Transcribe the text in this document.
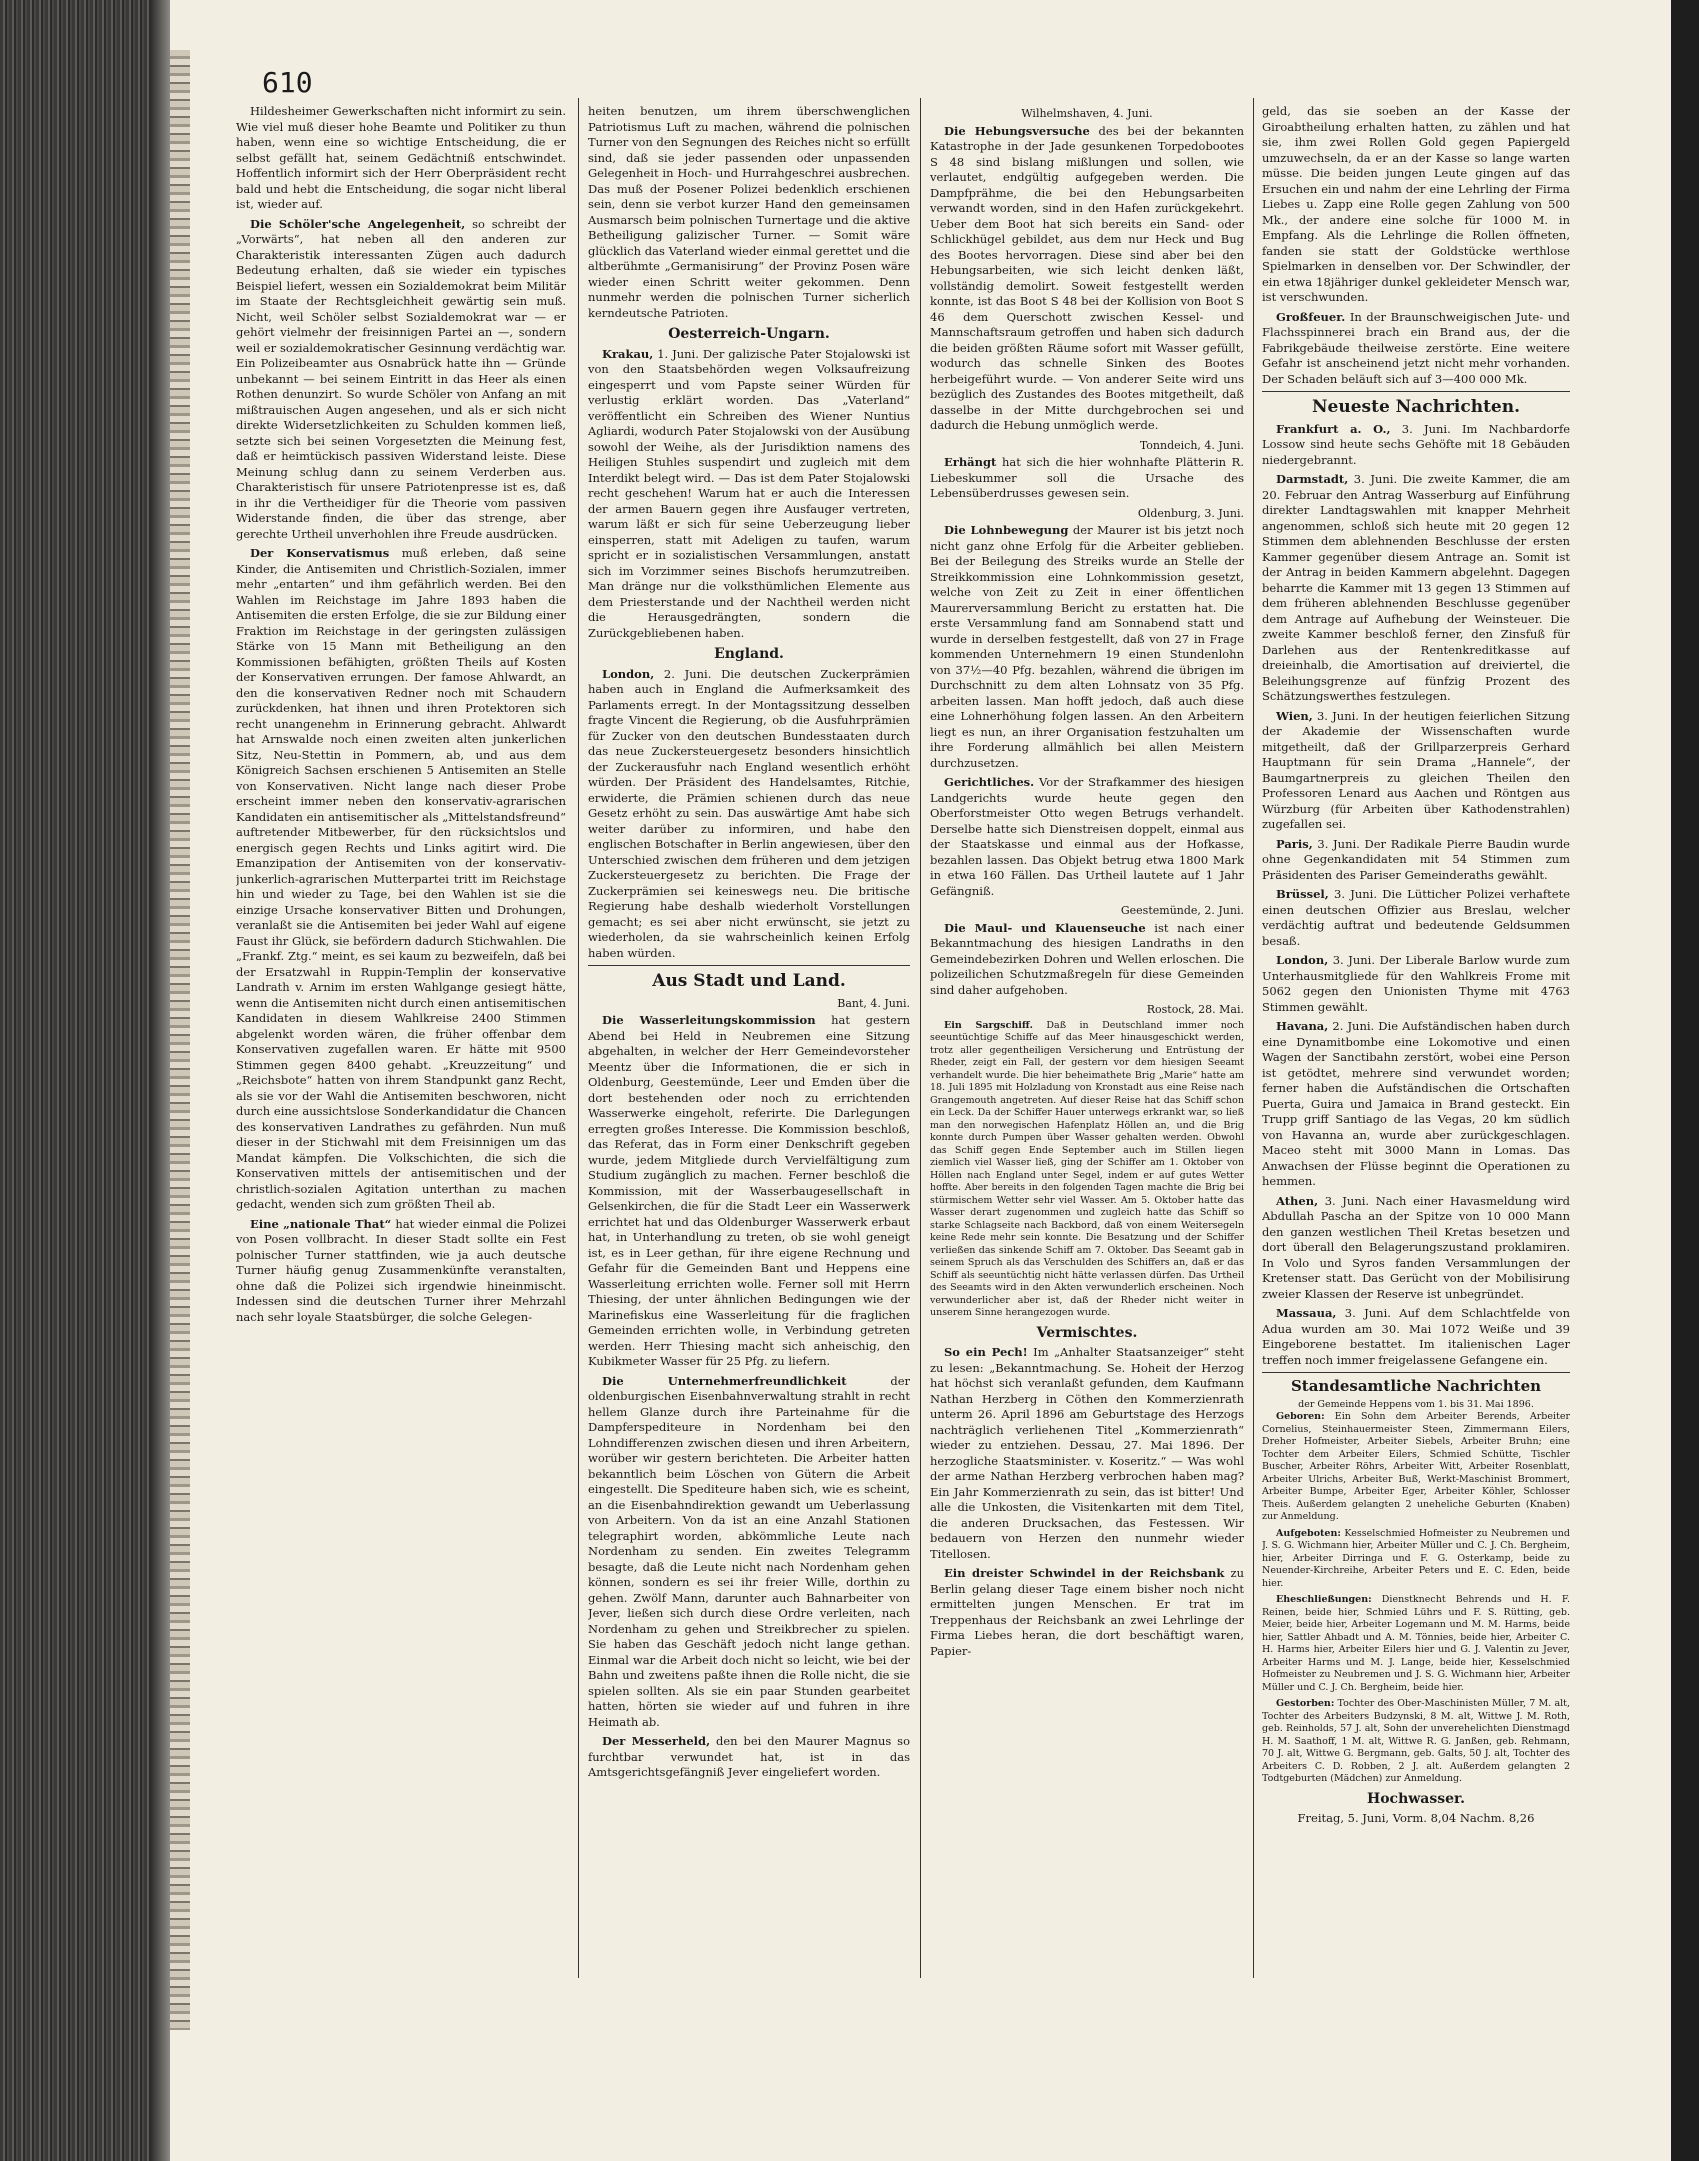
610

Hildesheimer Gewerkschaften nicht informirt zu sein. Wie viel muß dieser hohe Beamte und Politiker zu thun haben, wenn eine so wichtige Entscheidung, die er selbst gefällt hat, seinem Gedächtniß entschwindet. Hoffentlich informirt sich der Herr Oberpräsident recht bald und hebt die Entscheidung, die sogar nicht liberal ist, wieder auf.

Die Schöler'sche Angelegenheit, so schreibt der „Vorwärts“, hat neben all den anderen zur Charakteristik interessanten Zügen auch dadurch Bedeutung erhalten, daß sie wieder ein typisches Beispiel liefert, wessen ein Sozialdemokrat beim Militär im Staate der Rechtsgleichheit gewärtig sein muß. Nicht, weil Schöler selbst Sozialdemokrat war — er gehört vielmehr der freisinnigen Partei an —, sondern weil er sozialdemokratischer Gesinnung verdächtig war. Ein Polizeibeamter aus Osnabrück hatte ihn — Gründe unbekannt — bei seinem Eintritt in das Heer als einen Rothen denunzirt. So wurde Schöler von Anfang an mit mißtrauischen Augen angesehen, und als er sich nicht direkte Widersetzlichkeiten zu Schulden kommen ließ, setzte sich bei seinen Vorgesetzten die Meinung fest, daß er heimtückisch passiven Widerstand leiste. Diese Meinung schlug dann zu seinem Verderben aus. Charakteristisch für unsere Patriotenpresse ist es, daß in ihr die Vertheidiger für die Theorie vom passiven Widerstande finden, die über das strenge, aber gerechte Urtheil unverhohlen ihre Freude ausdrücken.

Der Konservatismus muß erleben, daß seine Kinder, die Antisemiten und Christlich-Sozialen, immer mehr „entarten“ und ihm gefährlich werden. Bei den Wahlen im Reichstage im Jahre 1893 haben die Antisemiten die ersten Erfolge, die sie zur Bildung einer Fraktion im Reichstage in der geringsten zulässigen Stärke von 15 Mann mit Betheiligung an den Kommissionen befähigten, größten Theils auf Kosten der Konservativen errungen. Der famose Ahlwardt, an den die konservativen Redner noch mit Schaudern zurückdenken, hat ihnen und ihren Protektoren sich recht unangenehm in Erinnerung gebracht. Ahlwardt hat Arnswalde noch einen zweiten alten junkerlichen Sitz, Neu-Stettin in Pommern, ab, und aus dem Königreich Sachsen erschienen 5 Antisemiten an Stelle von Konservativen. Nicht lange nach dieser Probe erscheint immer neben den konservativ-agrarischen Kandidaten ein antisemitischer als „Mittelstandsfreund“ auftretender Mitbewerber, für den rücksichtslos und energisch gegen Rechts und Links agitirt wird. Die Emanzipation der Antisemiten von der konservativ-junkerlich-agrarischen Mutterpartei tritt im Reichstage hin und wieder zu Tage, bei den Wahlen ist sie die einzige Ursache konservativer Bitten und Drohungen, veranlaßt sie die Antisemiten bei jeder Wahl auf eigene Faust ihr Glück, sie befördern dadurch Stichwahlen. Die „Frankf. Ztg.“ meint, es sei kaum zu bezweifeln, daß bei der Ersatzwahl in Ruppin-Templin der konservative Landrath v. Arnim im ersten Wahlgange gesiegt hätte, wenn die Antisemiten nicht durch einen antisemitischen Kandidaten in diesem Wahlkreise 2400 Stimmen abgelenkt worden wären, die früher offenbar dem Konservativen zugefallen waren. Er hätte mit 9500 Stimmen gegen 8400 gehabt. „Kreuzzeitung“ und „Reichsbote“ hatten von ihrem Standpunkt ganz Recht, als sie vor der Wahl die Antisemiten beschworen, nicht durch eine aussichtslose Sonderkandidatur die Chancen des konservativen Landrathes zu gefährden. Nun muß dieser in der Stichwahl mit dem Freisinnigen um das Mandat kämpfen. Die Volkschichten, die sich die Konservativen mittels der antisemitischen und der christlich-sozialen Agitation unterthan zu machen gedacht, wenden sich zum größten Theil ab.

Eine „nationale That“ hat wieder einmal die Polizei von Posen vollbracht. In dieser Stadt sollte ein Fest polnischer Turner stattfinden, wie ja auch deutsche Turner häufig genug Zusammenkünfte veranstalten, ohne daß die Polizei sich irgendwie hineinmischt. Indessen sind die deutschen Turner ihrer Mehrzahl nach sehr loyale Staatsbürger, die solche Gelegen-

heiten benutzen, um ihrem überschwenglichen Patriotismus Luft zu machen, während die polnischen Turner von den Segnungen des Reiches nicht so erfüllt sind, daß sie jeder passenden oder unpassenden Gelegenheit in Hoch- und Hurrahgeschrei ausbrechen. Das muß der Posener Polizei bedenklich erschienen sein, denn sie verbot kurzer Hand den gemeinsamen Ausmarsch beim polnischen Turnertage und die aktive Betheiligung galizischer Turner. — Somit wäre glücklich das Vaterland wieder einmal gerettet und die altberühmte „Germanisirung“ der Provinz Posen wäre wieder einen Schritt weiter gekommen. Denn nunmehr werden die polnischen Turner sicherlich kerndeutsche Patrioten.

Oesterreich-Ungarn.

Krakau, 1. Juni. Der galizische Pater Stojalowski ist von den Staatsbehörden wegen Volksaufreizung eingesperrt und vom Papste seiner Würden für verlustig erklärt worden. Das „Vaterland“ veröffentlicht ein Schreiben des Wiener Nuntius Agliardi, wodurch Pater Stojalowski von der Ausübung sowohl der Weihe, als der Jurisdiktion namens des Heiligen Stuhles suspendirt und zugleich mit dem Interdikt belegt wird. — Das ist dem Pater Stojalowski recht geschehen! Warum hat er auch die Interessen der armen Bauern gegen ihre Ausfauger vertreten, warum läßt er sich für seine Ueberzeugung lieber einsperren, statt mit Adeligen zu taufen, warum spricht er in sozialistischen Versammlungen, anstatt sich im Vorzimmer seines Bischofs herumzutreiben. Man dränge nur die volksthümlichen Elemente aus dem Priesterstande und der Nachtheil werden nicht die Herausgedrängten, sondern die Zurückgebliebenen haben.

England.

London, 2. Juni. Die deutschen Zuckerprämien haben auch in England die Aufmerksamkeit des Parlaments erregt. In der Montagssitzung desselben fragte Vincent die Regierung, ob die Ausfuhrprämien für Zucker von den deutschen Bundesstaaten durch das neue Zuckersteuergesetz besonders hinsichtlich der Zuckerausfuhr nach England wesentlich erhöht würden. Der Präsident des Handelsamtes, Ritchie, erwiderte, die Prämien schienen durch das neue Gesetz erhöht zu sein. Das auswärtige Amt habe sich weiter darüber zu informiren, und habe den englischen Botschafter in Berlin angewiesen, über den Unterschied zwischen dem früheren und dem jetzigen Zuckersteuergesetz zu berichten. Die Frage der Zuckerprämien sei keineswegs neu. Die britische Regierung habe deshalb wiederholt Vorstellungen gemacht; es sei aber nicht erwünscht, sie jetzt zu wiederholen, da sie wahrscheinlich keinen Erfolg haben würden.

Aus Stadt und Land.
Bant, 4. Juni.

Die Wasserleitungskommission hat gestern Abend bei Held in Neubremen eine Sitzung abgehalten, in welcher der Herr Gemeindevorsteher Meentz über die Informationen, die er sich in Oldenburg, Geestemünde, Leer und Emden über die dort bestehenden oder noch zu errichtenden Wasserwerke eingeholt, referirte. Die Darlegungen erregten großes Interesse. Die Kommission beschloß, das Referat, das in Form einer Denkschrift gegeben wurde, jedem Mitgliede durch Vervielfältigung zum Studium zugänglich zu machen. Ferner beschloß die Kommission, mit der Wasserbaugesellschaft in Gelsenkirchen, die für die Stadt Leer ein Wasserwerk errichtet hat und das Oldenburger Wasserwerk erbaut hat, in Unterhandlung zu treten, ob sie wohl geneigt ist, es in Leer gethan, für ihre eigene Rechnung und Gefahr für die Gemeinden Bant und Heppens eine Wasserleitung errichten wolle. Ferner soll mit Herrn Thiesing, der unter ähnlichen Bedingungen wie der Marinefiskus eine Wasserleitung für die fraglichen Gemeinden errichten wolle, in Verbindung getreten werden. Herr Thiesing macht sich anheischig, den Kubikmeter Wasser für 25 Pfg. zu liefern.

Die Unternehmerfreundlichkeit der oldenburgischen Eisenbahnverwaltung strahlt in recht hellem Glanze durch ihre Parteinahme für die Dampferspediteure in Nordenham bei den Lohndifferenzen zwischen diesen und ihren Arbeitern, worüber wir gestern berichteten. Die Arbeiter hatten bekanntlich beim Löschen von Gütern die Arbeit eingestellt. Die Spediteure haben sich, wie es scheint, an die Eisenbahndirektion gewandt um Ueberlassung von Arbeitern. Von da ist an eine Anzahl Stationen telegraphirt worden, abkömmliche Leute nach Nordenham zu senden. Ein zweites Telegramm besagte, daß die Leute nicht nach Nordenham gehen können, sondern es sei ihr freier Wille, dorthin zu gehen. Zwölf Mann, darunter auch Bahnarbeiter von Jever, ließen sich durch diese Ordre verleiten, nach Nordenham zu gehen und Streikbrecher zu spielen. Sie haben das Geschäft jedoch nicht lange gethan. Einmal war die Arbeit doch nicht so leicht, wie bei der Bahn und zweitens paßte ihnen die Rolle nicht, die sie spielen sollten. Als sie ein paar Stunden gearbeitet hatten, hörten sie wieder auf und fuhren in ihre Heimath ab.

Der Messerheld, den bei den Maurer Magnus so furchtbar verwundet hat, ist in das Amtsgerichtsgefängniß Jever eingeliefert worden.

Wilhelmshaven, 4. Juni.

Die Hebungsversuche des bei der bekannten Katastrophe in der Jade gesunkenen Torpedobootes S 48 sind bislang mißlungen und sollen, wie verlautet, endgültig aufgegeben werden. Die Dampfprähme, die bei den Hebungsarbeiten verwandt worden, sind in den Hafen zurückgekehrt. Ueber dem Boot hat sich bereits ein Sand- oder Schlickhügel gebildet, aus dem nur Heck und Bug des Bootes hervorragen. Diese sind aber bei den Hebungsarbeiten, wie sich leicht denken läßt, vollständig demolirt. Soweit festgestellt werden konnte, ist das Boot S 48 bei der Kollision von Boot S 46 dem Querschott zwischen Kessel- und Mannschaftsraum getroffen und haben sich dadurch die beiden größten Räume sofort mit Wasser gefüllt, wodurch das schnelle Sinken des Bootes herbeigeführt wurde. — Von anderer Seite wird uns bezüglich des Zustandes des Bootes mitgetheilt, daß dasselbe in der Mitte durchgebrochen sei und dadurch die Hebung unmöglich werde.

Tonndeich, 4. Juni.

Erhängt hat sich die hier wohnhafte Plätterin R. Liebeskummer soll die Ursache des Lebensüberdrusses gewesen sein.

Oldenburg, 3. Juni.

Die Lohnbewegung der Maurer ist bis jetzt noch nicht ganz ohne Erfolg für die Arbeiter geblieben. Bei der Beilegung des Streiks wurde an Stelle der Streikkommission eine Lohnkommission gesetzt, welche von Zeit zu Zeit in einer öffentlichen Maurerversammlung Bericht zu erstatten hat. Die erste Versammlung fand am Sonnabend statt und wurde in derselben festgestellt, daß von 27 in Frage kommenden Unternehmern 19 einen Stundenlohn von 37½—40 Pfg. bezahlen, während die übrigen im Durchschnitt zu dem alten Lohnsatz von 35 Pfg. arbeiten lassen. Man hofft jedoch, daß auch diese eine Lohnerhöhung folgen lassen. An den Arbeitern liegt es nun, an ihrer Organisation festzuhalten um ihre Forderung allmählich bei allen Meistern durchzusetzen.

Gerichtliches. Vor der Strafkammer des hiesigen Landgerichts wurde heute gegen den Oberforstmeister Otto wegen Betrugs verhandelt. Derselbe hatte sich Dienstreisen doppelt, einmal aus der Staatskasse und einmal aus der Hofkasse, bezahlen lassen. Das Objekt betrug etwa 1800 Mark in etwa 160 Fällen. Das Urtheil lautete auf 1 Jahr Gefängniß.

Geestemünde, 2. Juni.

Die Maul- und Klauenseuche ist nach einer Bekanntmachung des hiesigen Landraths in den Gemeindebezirken Dohren und Wellen erloschen. Die polizeilichen Schutzmaßregeln für diese Gemeinden sind daher aufgehoben.

Rostock, 28. Mai.

Ein Sargschiff. Daß in Deutschland immer noch seeuntüchtige Schiffe auf das Meer hinausgeschickt werden, trotz aller gegentheiligen Versicherung und Entrüstung der Rheder, zeigt ein Fall, der gestern vor dem hiesigen Seeamt verhandelt wurde. Die hier beheimathete Brig „Marie“ hatte am 18. Juli 1895 mit Holzladung von Kronstadt aus eine Reise nach Grangemouth angetreten. Auf dieser Reise hat das Schiff schon ein Leck. Da der Schiffer Hauer unterwegs erkrankt war, so ließ man den norwegischen Hafenplatz Höllen an, und die Brig konnte durch Pumpen über Wasser gehalten werden. Obwohl das Schiff gegen Ende September auch im Stillen liegen ziemlich viel Wasser ließ, ging der Schiffer am 1. Oktober von Höllen nach England unter Segel, indem er auf gutes Wetter hoffte. Aber bereits in den folgenden Tagen machte die Brig bei stürmischem Wetter sehr viel Wasser. Am 5. Oktober hatte das Wasser derart zugenommen und zugleich hatte das Schiff so starke Schlagseite nach Backbord, daß von einem Weitersegeln keine Rede mehr sein konnte. Die Besatzung und der Schiffer verließen das sinkende Schiff am 7. Oktober. Das Seeamt gab in seinem Spruch als das Verschulden des Schiffers an, daß er das Schiff als seeuntüchtig nicht hätte verlassen dürfen. Das Urtheil des Seeamts wird in den Akten verwunderlich erscheinen. Noch verwunderlicher aber ist, daß der Rheder nicht weiter in unserem Sinne herangezogen wurde.

Vermischtes.

So ein Pech! Im „Anhalter Staatsanzeiger“ steht zu lesen: „Bekanntmachung. Se. Hoheit der Herzog hat höchst sich veranlaßt gefunden, dem Kaufmann Nathan Herzberg in Cöthen den Kommerzienrath unterm 26. April 1896 am Geburtstage des Herzogs nachträglich verliehenen Titel „Kommerzienrath“ wieder zu entziehen. Dessau, 27. Mai 1896. Der herzogliche Staatsminister. v. Koseritz.“ — Was wohl der arme Nathan Herzberg verbrochen haben mag? Ein Jahr Kommerzienrath zu sein, das ist bitter! Und alle die Unkosten, die Visitenkarten mit dem Titel, die anderen Drucksachen, das Festessen. Wir bedauern von Herzen den nunmehr wieder Titellosen.

Ein dreister Schwindel in der Reichsbank zu Berlin gelang dieser Tage einem bisher noch nicht ermittelten jungen Menschen. Er trat im Treppenhaus der Reichsbank an zwei Lehrlinge der Firma Liebes heran, die dort beschäftigt waren, Papier-

geld, das sie soeben an der Kasse der Giroabtheilung erhalten hatten, zu zählen und hat sie, ihm zwei Rollen Gold gegen Papiergeld umzuwechseln, da er an der Kasse so lange warten müsse. Die beiden jungen Leute gingen auf das Ersuchen ein und nahm der eine Lehrling der Firma Liebes u. Zapp eine Rolle gegen Zahlung von 500 Mk., der andere eine solche für 1000 M. in Empfang. Als die Lehrlinge die Rollen öffneten, fanden sie statt der Goldstücke werthlose Spielmarken in denselben vor. Der Schwindler, der ein etwa 18jähriger dunkel gekleideter Mensch war, ist verschwunden.

Großfeuer. In der Braunschweigischen Jute- und Flachsspinnerei brach ein Brand aus, der die Fabrikgebäude theilweise zerstörte. Eine weitere Gefahr ist anscheinend jetzt nicht mehr vorhanden. Der Schaden beläuft sich auf 3—400 000 Mk.

Neueste Nachrichten.

Frankfurt a. O., 3. Juni. Im Nachbardorfe Lossow sind heute sechs Gehöfte mit 18 Gebäuden niedergebrannt.

Darmstadt, 3. Juni. Die zweite Kammer, die am 20. Februar den Antrag Wasserburg auf Einführung direkter Landtagswahlen mit knapper Mehrheit angenommen, schloß sich heute mit 20 gegen 12 Stimmen dem ablehnenden Beschlusse der ersten Kammer gegenüber diesem Antrage an. Somit ist der Antrag in beiden Kammern abgelehnt. Dagegen beharrte die Kammer mit 13 gegen 13 Stimmen auf dem früheren ablehnenden Beschlusse gegenüber dem Antrage auf Aufhebung der Weinsteuer. Die zweite Kammer beschloß ferner, den Zinsfuß für Darlehen aus der Rentenkreditkasse auf dreieinhalb, die Amortisation auf dreiviertel, die Beleihungsgrenze auf fünfzig Prozent des Schätzungswerthes festzulegen.

Wien, 3. Juni. In der heutigen feierlichen Sitzung der Akademie der Wissenschaften wurde mitgetheilt, daß der Grillparzerpreis Gerhard Hauptmann für sein Drama „Hannele“, der Baumgartnerpreis zu gleichen Theilen den Professoren Lenard aus Aachen und Röntgen aus Würzburg (für Arbeiten über Kathodenstrahlen) zugefallen sei.

Paris, 3. Juni. Der Radikale Pierre Baudin wurde ohne Gegenkandidaten mit 54 Stimmen zum Präsidenten des Pariser Gemeinderaths gewählt.

Brüssel, 3. Juni. Die Lütticher Polizei verhaftete einen deutschen Offizier aus Breslau, welcher verdächtig auftrat und bedeutende Geldsummen besaß.

London, 3. Juni. Der Liberale Barlow wurde zum Unterhausmitgliede für den Wahlkreis Frome mit 5062 gegen den Unionisten Thyme mit 4763 Stimmen gewählt.

Havana, 2. Juni. Die Aufständischen haben durch eine Dynamitbombe eine Lokomotive und einen Wagen der Sanctibahn zerstört, wobei eine Person ist getödtet, mehrere sind verwundet worden; ferner haben die Aufständischen die Ortschaften Puerta, Guira und Jamaica in Brand gesteckt. Ein Trupp griff Santiago de las Vegas, 20 km südlich von Havanna an, wurde aber zurückgeschlagen. Maceo steht mit 3000 Mann in Lomas. Das Anwachsen der Flüsse beginnt die Operationen zu hemmen.

Athen, 3. Juni. Nach einer Havasmeldung wird Abdullah Pascha an der Spitze von 10 000 Mann den ganzen westlichen Theil Kretas besetzen und dort überall den Belagerungszustand proklamiren. In Volo und Syros fanden Versammlungen der Kretenser statt. Das Gerücht von der Mobilisirung zweier Klassen der Reserve ist unbegründet.

Massaua, 3. Juni. Auf dem Schlachtfelde von Adua wurden am 30. Mai 1072 Weiße und 39 Eingeborene bestattet. Im italienischen Lager treffen noch immer freigelassene Gefangene ein.

Standesamtliche Nachrichten
der Gemeinde Heppens vom 1. bis 31. Mai 1896.

Geboren: Ein Sohn dem Arbeiter Berends, Arbeiter Cornelius, Steinhauermeister Steen, Zimmermann Eilers, Dreher Hofmeister, Arbeiter Siebels, Arbeiter Bruhn; eine Tochter dem Arbeiter Eilers, Schmied Schütte, Tischler Buscher, Arbeiter Röhrs, Arbeiter Witt, Arbeiter Rosenblatt, Arbeiter Ulrichs, Arbeiter Buß, Werkt-Maschinist Brommert, Arbeiter Bumpe, Arbeiter Eger, Arbeiter Köhler, Schlosser Theis. Außerdem gelangten 2 uneheliche Geburten (Knaben) zur Anmeldung.

Aufgeboten: Kesselschmied Hofmeister zu Neubremen und J. S. G. Wichmann hier, Arbeiter Müller und C. J. Ch. Bergheim, hier, Arbeiter Dirringa und F. G. Osterkamp, beide zu Neuender-Kirchreihe, Arbeiter Peters und E. C. Eden, beide hier.

Eheschließungen: Dienstknecht Behrends und H. F. Reinen, beide hier, Schmied Lührs und F. S. Rütting, geb. Meier, beide hier, Arbeiter Logemann und M. M. Harms, beide hier, Sattler Ahbadt und A. M. Tönnies, beide hier, Arbeiter C. H. Harms hier, Arbeiter Eilers hier und G. J. Valentin zu Jever, Arbeiter Harms und M. J. Lange, beide hier, Kesselschmied Hofmeister zu Neubremen und J. S. G. Wichmann hier, Arbeiter Müller und C. J. Ch. Bergheim, beide hier.

Gestorben: Tochter des Ober-Maschinisten Müller, 7 M. alt, Tochter des Arbeiters Budzynski, 8 M. alt, Wittwe J. M. Roth, geb. Reinholds, 57 J. alt, Sohn der unverehelichten Dienstmagd H. M. Saathoff, 1 M. alt, Wittwe R. G. Janßen, geb. Rehmann, 70 J. alt, Wittwe G. Bergmann, geb. Galts, 50 J. alt, Tochter des Arbeiters C. D. Robben, 2 J. alt. Außerdem gelangten 2 Todtgeburten (Mädchen) zur Anmeldung.

Hochwasser.
Freitag, 5. Juni, Vorm. 8,04 Nachm. 8,26
